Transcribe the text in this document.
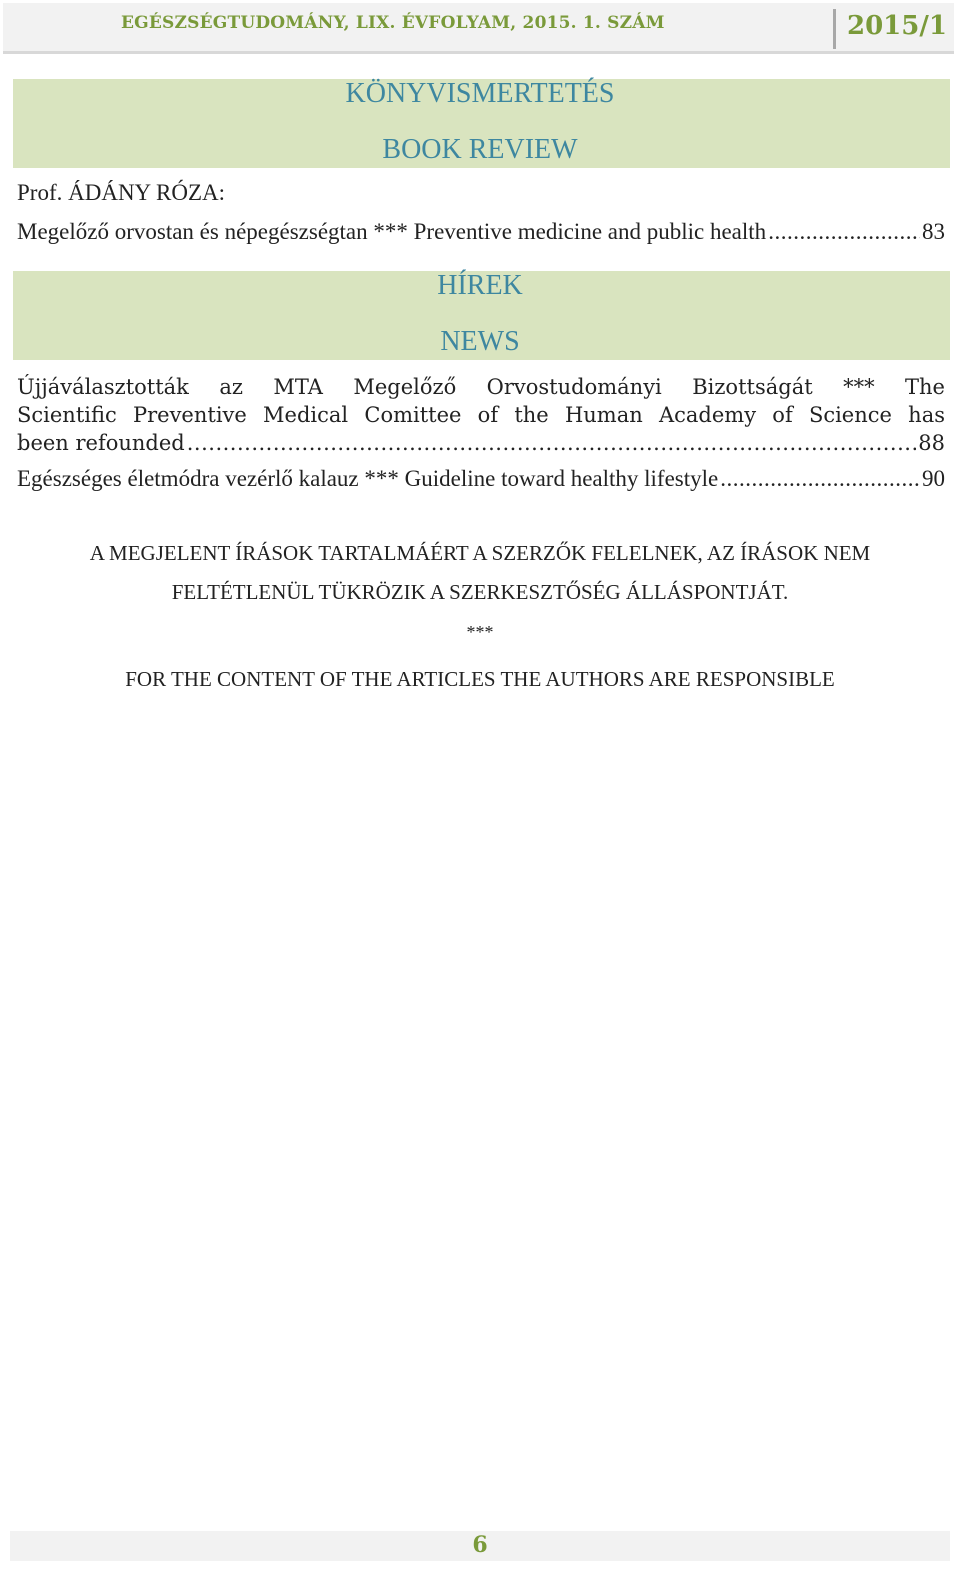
EGÉSZSÉGTUDOMÁNY, LIX. ÉVFOLYAM, 2015. 1. SZÁM	2015/1
KÖNYVISMERTETÉS
BOOK REVIEW
Prof. ÁDÁNY RÓZA:
Megelőző orvostan és népegészségtan *** Preventive medicine and public health .....	83
HÍREK
NEWS
Újjáválasztották az MTA Megelőző Orvostudományi Bizottságát *** The
Scientific Preventive Medical Comittee of the Human Academy of Science has
been refounded .....	88
Egészséges életmódra vezérlő kalauz *** Guideline toward healthy lifestyle .....	90
A MEGJELENT ÍRÁSOK TARTALMÁÉRT A SZERZŐK FELELNEK, AZ ÍRÁSOK NEM
FELTÉTLENÜL TÜKRÖZIK A SZERKESZTŐSÉG ÁLLÁSPONTJÁT.
***
FOR THE CONTENT OF THE ARTICLES THE AUTHORS ARE RESPONSIBLE
6
